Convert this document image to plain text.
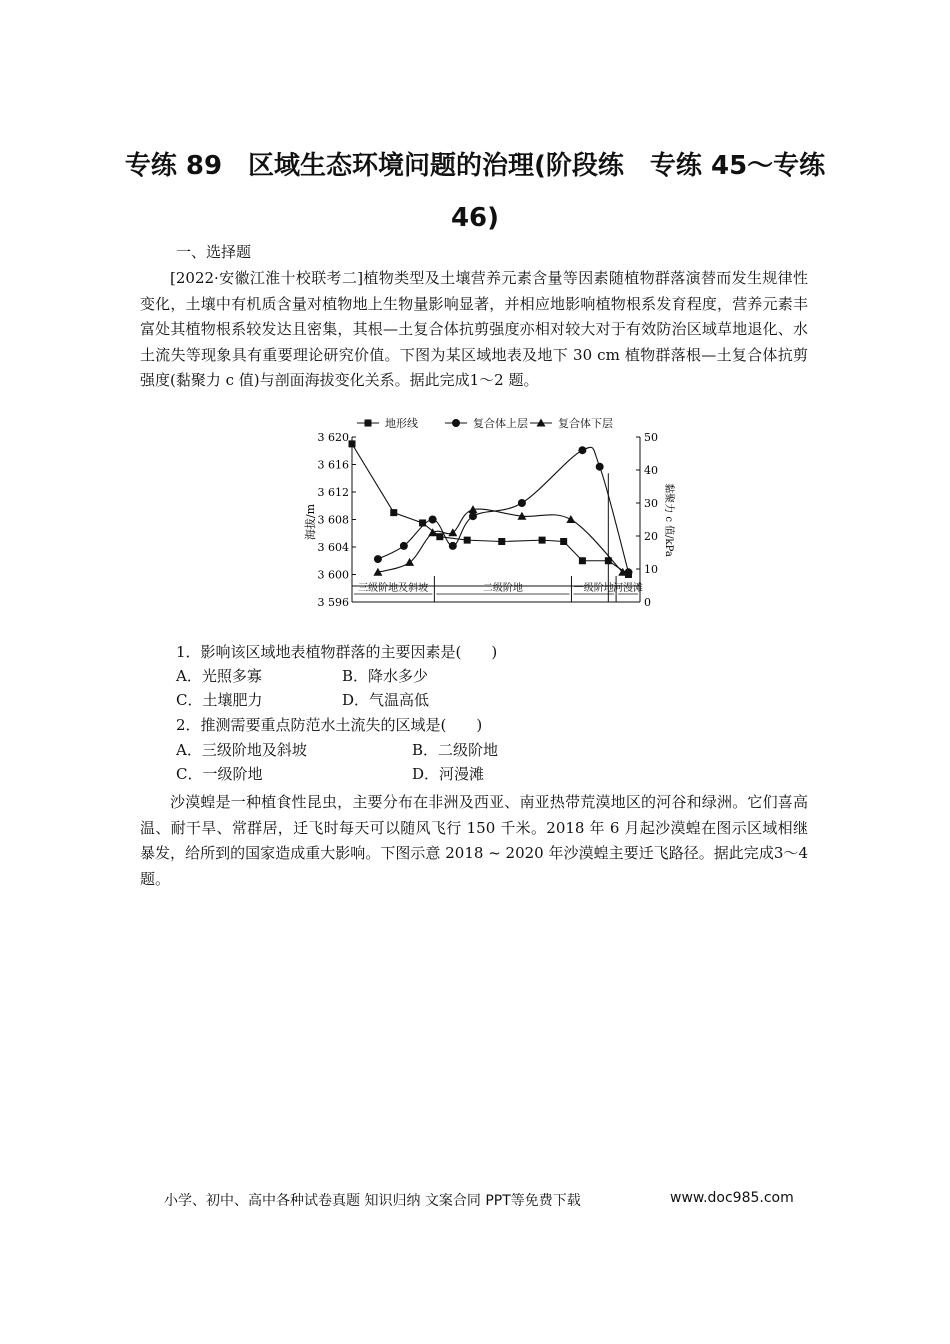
专练 89　区域生态环境问题的治理(阶段练　专练 45～专练 46)
一、选择题

[2022·安徽江淮十校联考二]植物类型及土壤营养元素含量等因素随植物群落演替而发生规律性变化，土壤中有机质含量对植物地上生物量影响显著，并相应地影响植物根系发育程度，营养元素丰富处其植物根系较发达且密集，其根—土复合体抗剪强度亦相对较大对于有效防治区域草地退化、水土流失等现象具有重要理论研究价值。下图为某区域地表及地下 30 cm 植物群落根—土复合体抗剪强度(黏聚力 c 值)与剖面海拔变化关系。据此完成1～2 题。

地形线	复合体上层	复合体下层
3 596
3 600
3 604
3 608
3 612
3 616
3 620
0
10
20
30
40
50
三级阶地及斜坡	二级阶地	一级阶地 河漫滩
海拔/m	黏聚力 c 值/kPa
1．影响该区域地表植物群落的主要因素是(　　)
A．光照多寡	B．降水多少
C．土壤肥力	D．气温高低
2．推测需要重点防范水土流失的区域是(　　)
A．三级阶地及斜坡	B．二级阶地
C．一级阶地	D．河漫滩

沙漠蝗是一种植食性昆虫，主要分布在非洲及西亚、南亚热带荒漠地区的河谷和绿洲。它们喜高温、耐干旱、常群居，迁飞时每天可以随风飞行 150 千米。2018 年 6 月起沙漠蝗在图示区域相继暴发，给所到的国家造成重大影响。下图示意 2018 ~ 2020 年沙漠蝗主要迁飞路径。据此完成3～4 题。

小学、初中、高中各种试卷真题 知识归纳 文案合同 PPT等免费下载	www.doc985.com
